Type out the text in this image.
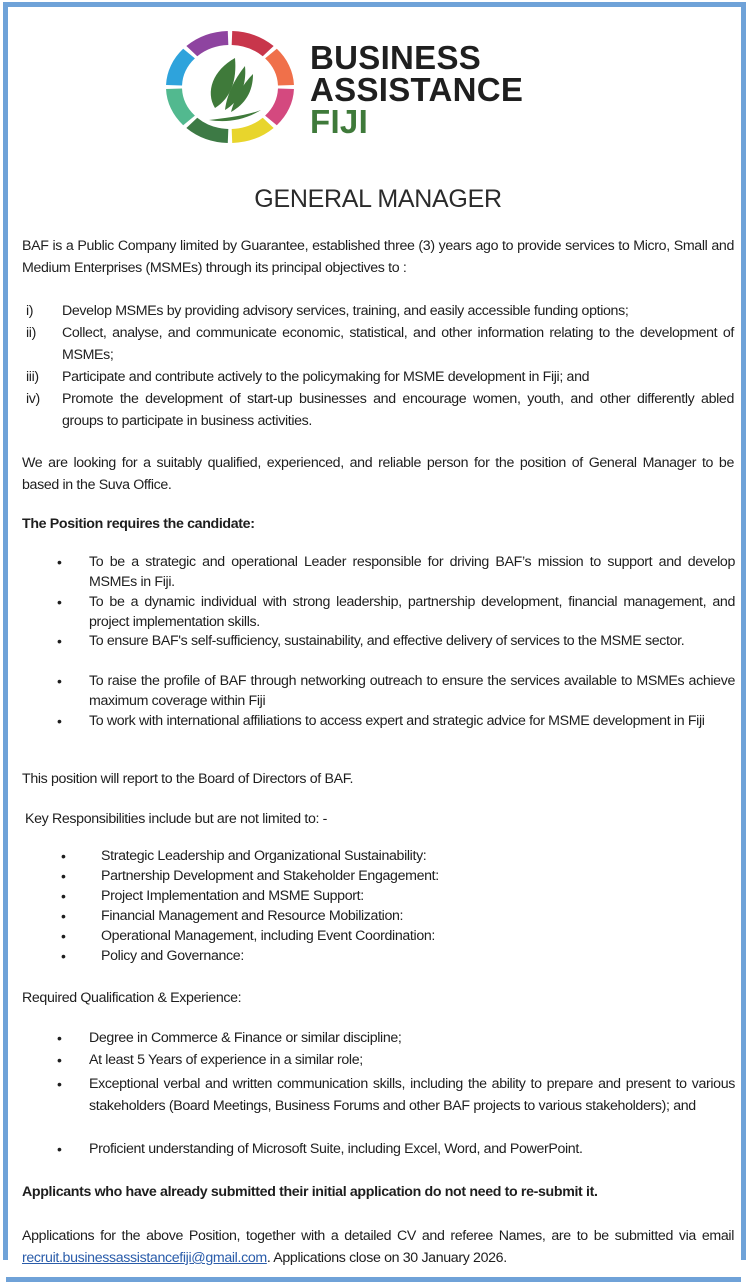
BUSINESS
ASSISTANCE
FIJI
GENERAL MANAGER
BAF is a Public Company limited by Guarantee, established three (3) years ago to provide services to Micro, Small and Medium Enterprises (MSMEs) through its principal objectives to :
i) Develop MSMEs by providing advisory services, training, and easily accessible funding options;
ii) Collect, analyse, and communicate economic, statistical, and other information relating to the development of MSMEs;
iii) Participate and contribute actively to the policymaking for MSME development in Fiji; and
iv) Promote the development of start-up businesses and encourage women, youth, and other differently abled groups to participate in business activities.
We are looking for a suitably qualified, experienced, and reliable person for the position of General Manager to be based in the Suva Office.
The Position requires the candidate:
• To be a strategic and operational Leader responsible for driving BAF’s mission to support and develop MSMEs in Fiji.
• To be a dynamic individual with strong leadership, partnership development, financial management, and project implementation skills.
• To ensure BAF's self-sufficiency, sustainability, and effective delivery of services to the MSME sector.
• To raise the profile of BAF through networking outreach to ensure the services available to MSMEs achieve maximum coverage within Fiji
• To work with international affiliations to access expert and strategic advice for MSME development in Fiji
This position will report to the Board of Directors of BAF.
Key Responsibilities include but are not limited to: -
• Strategic Leadership and Organizational Sustainability:
• Partnership Development and Stakeholder Engagement:
• Project Implementation and MSME Support:
• Financial Management and Resource Mobilization:
• Operational Management, including Event Coordination:
• Policy and Governance:
Required Qualification & Experience:
• Degree in Commerce & Finance or similar discipline;
• At least 5 Years of experience in a similar role;
• Exceptional verbal and written communication skills, including the ability to prepare and present to various stakeholders (Board Meetings, Business Forums and other BAF projects to various stakeholders); and
• Proficient understanding of Microsoft Suite, including Excel, Word, and PowerPoint.
Applicants who have already submitted their initial application do not need to re-submit it.
Applications for the above Position, together with a detailed CV and referee Names, are to be submitted via email recruit.businessassistancefiji@gmail.com. Applications close on 30 January 2026.
